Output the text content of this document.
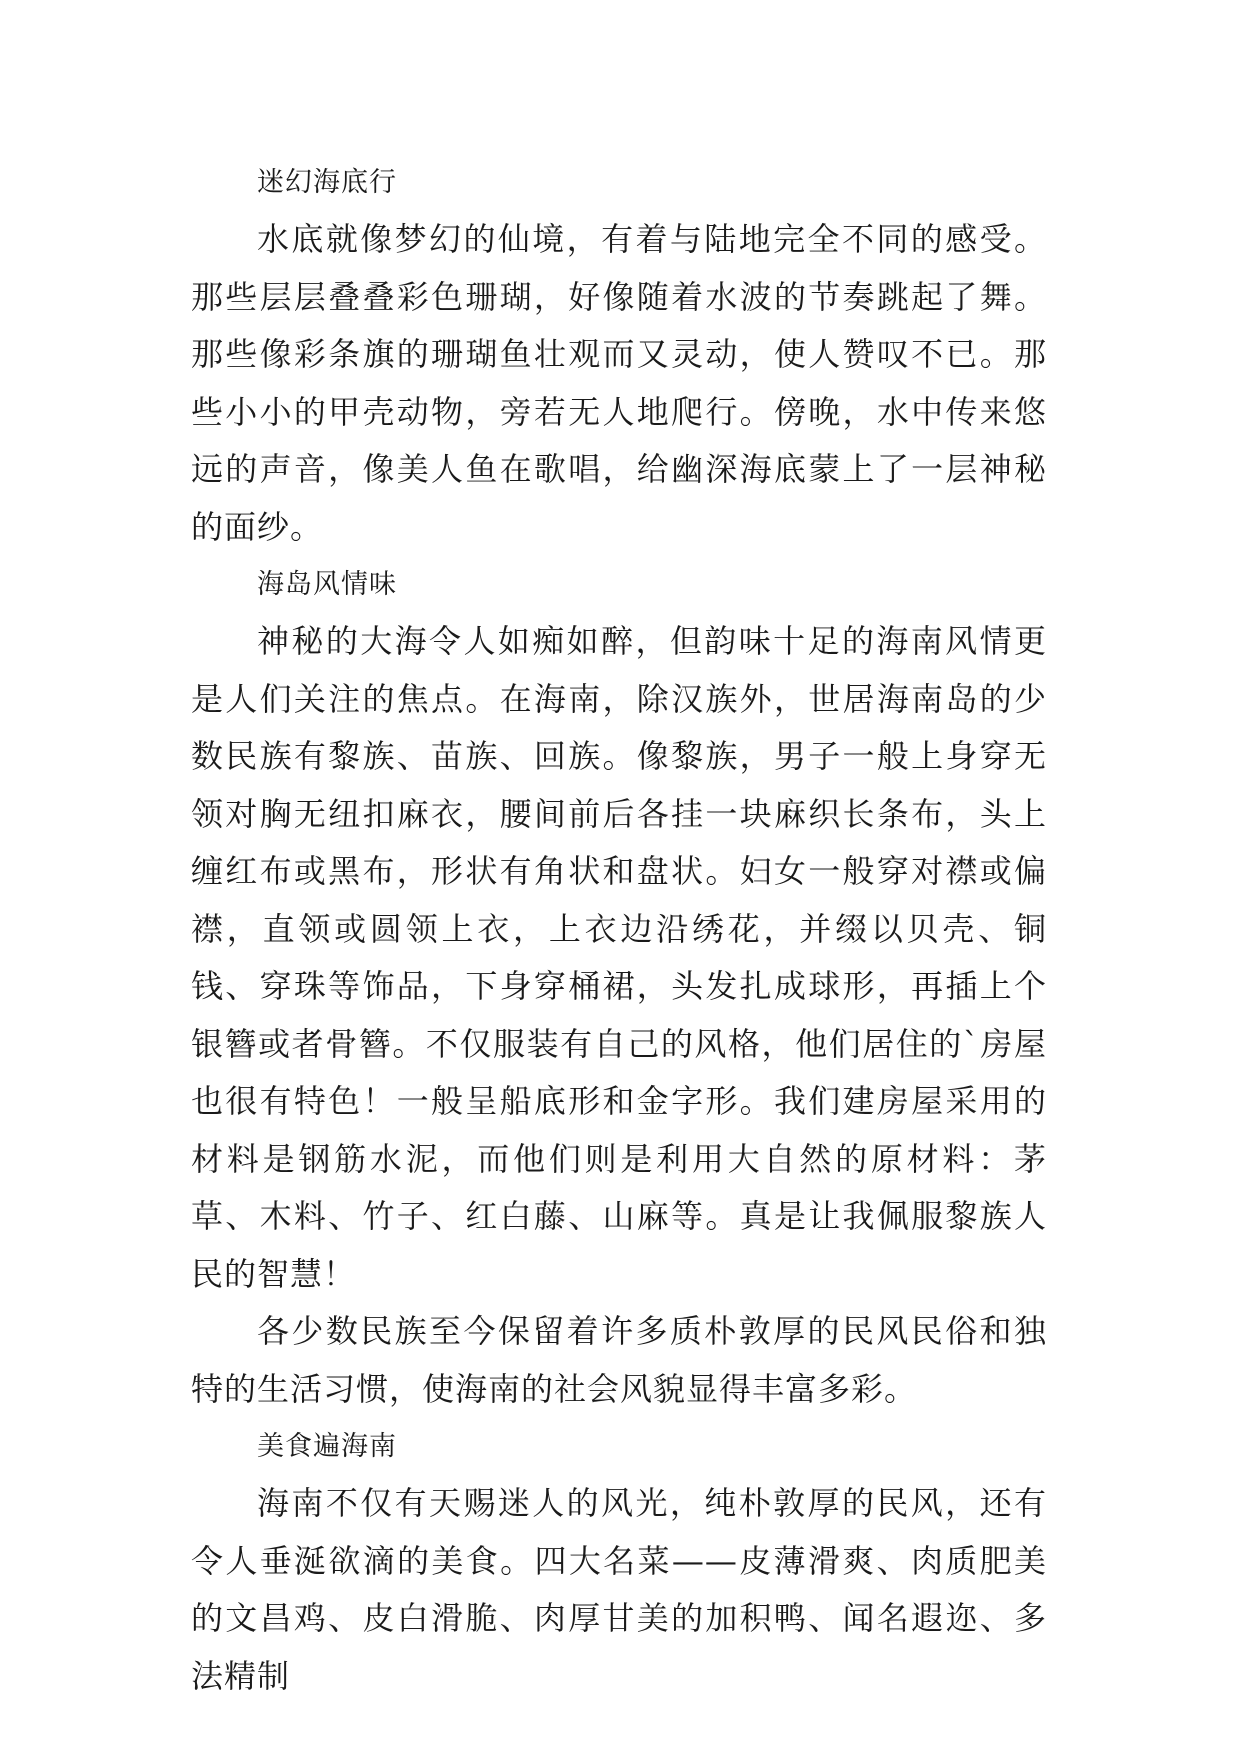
迷幻海底行

水底就像梦幻的仙境，有着与陆地完全不同的感受。那些层层叠叠彩色珊瑚，好像随着水波的节奏跳起了舞。那些像彩条旗的珊瑚鱼壮观而又灵动，使人赞叹不已。那些小小的甲壳动物，旁若无人地爬行。傍晚，水中传来悠远的声音，像美人鱼在歌唱，给幽深海底蒙上了一层神秘的面纱。

海岛风情味

神秘的大海令人如痴如醉，但韵味十足的海南风情更是人们关注的焦点。在海南，除汉族外，世居海南岛的少数民族有黎族、苗族、回族。像黎族，男子一般上身穿无领对胸无纽扣麻衣，腰间前后各挂一块麻织长条布，头上缠红布或黑布，形状有角状和盘状。妇女一般穿对襟或偏襟，直领或圆领上衣，上衣边沿绣花，并缀以贝壳、铜钱、穿珠等饰品，下身穿桶裙，头发扎成球形，再插上个银簪或者骨簪。不仅服装有自己的风格，他们居住的`房屋也很有特色！一般呈船底形和金字形。我们建房屋采用的材料是钢筋水泥，而他们则是利用大自然的原材料：茅草、木料、竹子、红白藤、山麻等。真是让我佩服黎族人民的智慧！

各少数民族至今保留着许多质朴敦厚的民风民俗和独特的生活习惯，使海南的社会风貌显得丰富多彩。

美食遍海南

海南不仅有天赐迷人的风光，纯朴敦厚的民风，还有令人垂涎欲滴的美食。四大名菜——皮薄滑爽、肉质肥美的文昌鸡、皮白滑脆、肉厚甘美的加积鸭、闻名遐迩、多法精制
